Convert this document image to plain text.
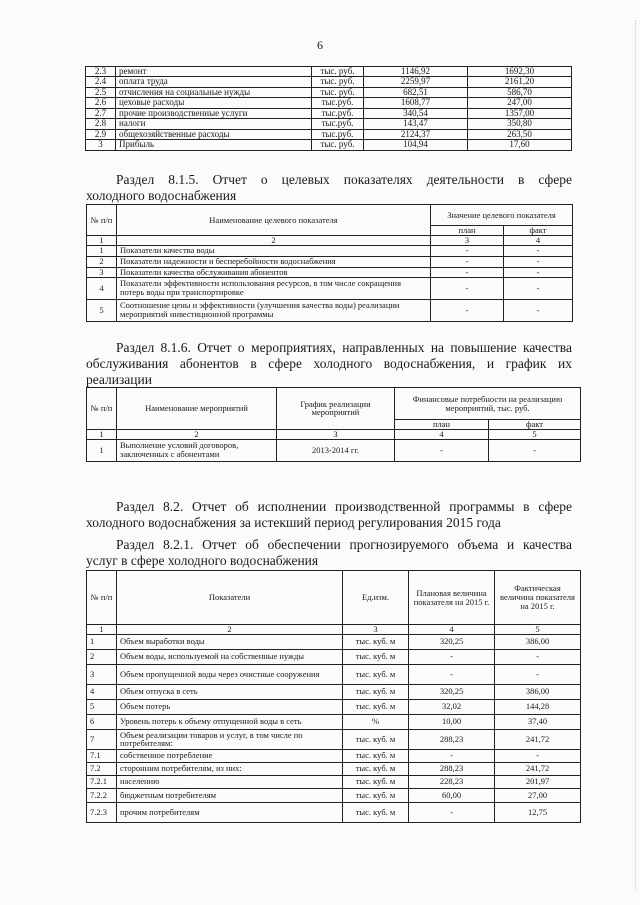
6
2.3	ремонт	тыс. руб.	1146,92	1692,30
2.4	оплата труда	тыс. руб.	2259,97	2161,20
2.5	отчисления на социальные нужды	тыс. руб.	682,51	586,70
2.6	цеховые расходы	тыс.руб.	1608,77	247,00
2.7	прочие производственные услуги	тыс.руб.	340,54	1357,00
2.8	налоги	тыс.руб.	143,47	350,80
2.9	общехозяйственные расходы	тыс.руб.	2124,37	263,50
3	Прибыль	тыс. руб.	104,94	17,60
Раздел 8.1.5. Отчет о целевых показателях деятельности в сфере
холодного водоснабжения
№ п/п	Наименование целевого показателя	Значение целевого показателя	
		план	факт
1	2	3	4
1	Показатели качества воды	-	-
2	Показатели надежности и бесперебойности водоснабжения	-	-
3	Показатели качества обслуживания абонентов	-	-
4	Показатели эффективности использования ресурсов, в том числе сокращения потерь воды при транспортировке	-	-
5	Соотношение цены и эффективности (улучшения качества воды) реализации мероприятий инвестиционной программы	-	-
Раздел 8.1.6. Отчет о мероприятиях, направленных на повышение качества
обслуживания абонентов в сфере холодного водоснабжения, и график их
реализации
№ п/п	Наименование мероприятий	График реализации мероприятий	Финансовые потребности на реализацию мероприятий, тыс. руб.	
			план	факт
1	2	3	4	5
1	Выполнение условий договоров, заключенных с абонентами	2013-2014 гг.	-	-
Раздел 8.2. Отчет об исполнении производственной программы в сфере
холодного водоснабжения за истекший период регулирования 2015 года
Раздел 8.2.1. Отчет об обеспечении прогнозируемого объема и качества
услуг в сфере холодного водоснабжения
№ п/п	Показатели	Ед.изм.	Плановая величина показателя на 2015 г.	Фактическая величина показателя на 2015 г.
1	2	3	4	5
1	Объем выработки воды	тыс. куб. м	320,25	386,00
2	Объем воды, используемой на собственные нужды	тыс. куб. м	-	-
3	Объем пропущенной воды через очистные сооружения	тыс. куб. м	-	-
4	Объем отпуска в сеть	тыс. куб. м	320,25	386,00
5	Объем потерь	тыс. куб. м	32,02	144,28
6	Уровень потерь к объему отпущенной воды в сеть	%	10,00	37,40
7	Объем реализации товаров и услуг, в том числе по потребителям:	тыс. куб. м	288,23	241,72
7.1	собственное потребление	тыс. куб. м	-	-
7.2	сторонним потребителям, из них:	тыс. куб. м	288,23	241,72
7.2.1	населению	тыс. куб. м	228,23	201,97
7.2.2	бюджетным потребителям	тыс. куб. м	60,00	27,00
7.2.3	прочим потребителям	тыс. куб. м	-	12,75
